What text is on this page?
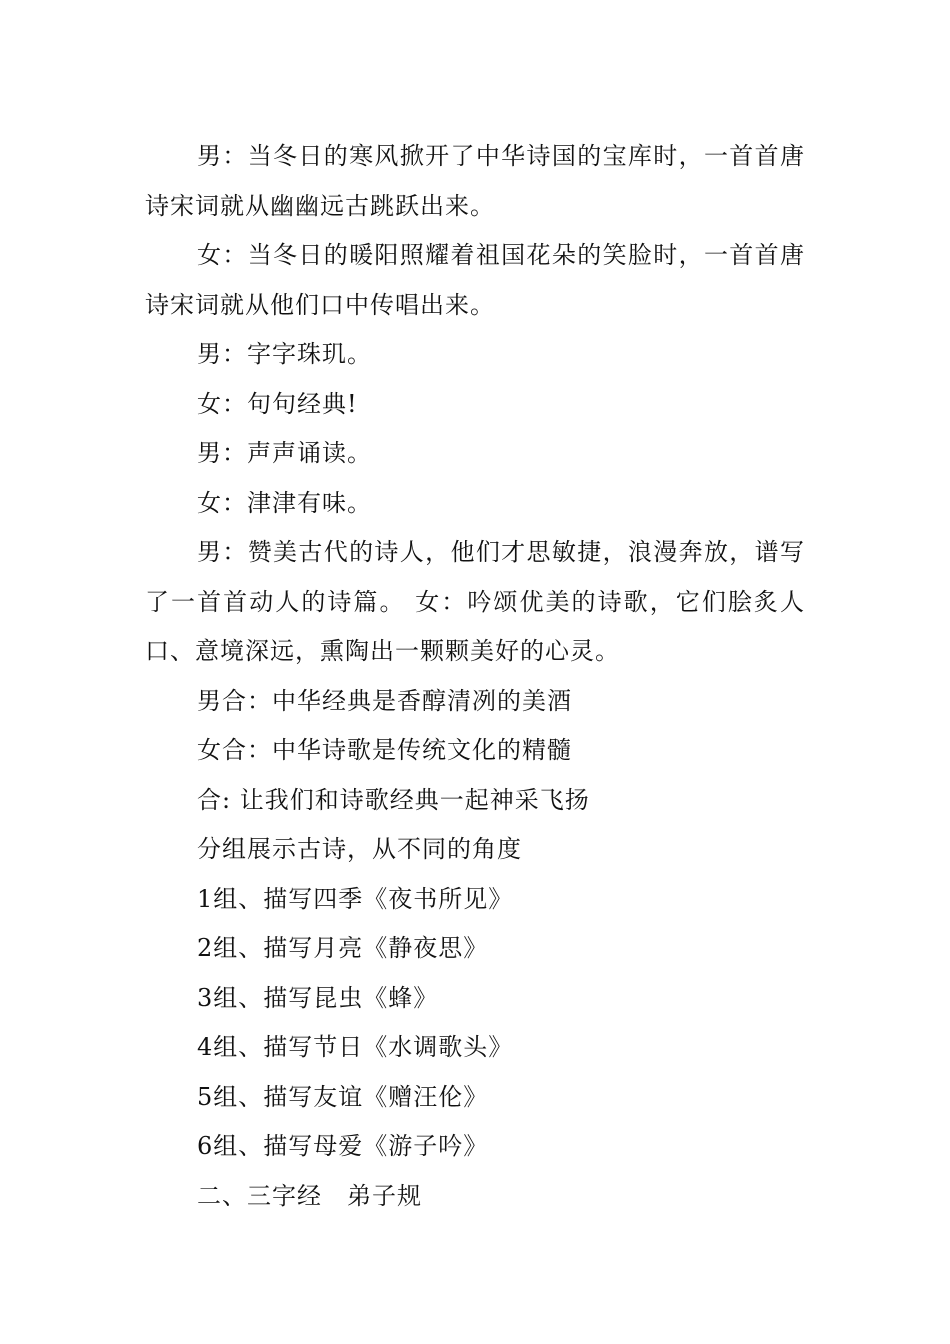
男：当冬日的寒风掀开了中华诗国的宝库时，一首首唐诗宋词就从幽幽远古跳跃出来。

女：当冬日的暖阳照耀着祖国花朵的笑脸时，一首首唐诗宋词就从他们口中传唱出来。

男：字字珠玑。

女：句句经典!

男：声声诵读。

女：津津有味。

男：赞美古代的诗人，他们才思敏捷，浪漫奔放，谱写了一首首动人的诗篇。 女：吟颂优美的诗歌，它们脍炙人口、意境深远，熏陶出一颗颗美好的心灵。

男合：中华经典是香醇清冽的美酒

女合：中华诗歌是传统文化的精髓

合: 让我们和诗歌经典一起神采飞扬

分组展示古诗，从不同的角度

1组、描写四季《夜书所见》

2组、描写月亮《静夜思》

3组、描写昆虫《蜂》

4组、描写节日《水调歌头》

5组、描写友谊《赠汪伦》

6组、描写母爱《游子吟》

二、三字经　弟子规
